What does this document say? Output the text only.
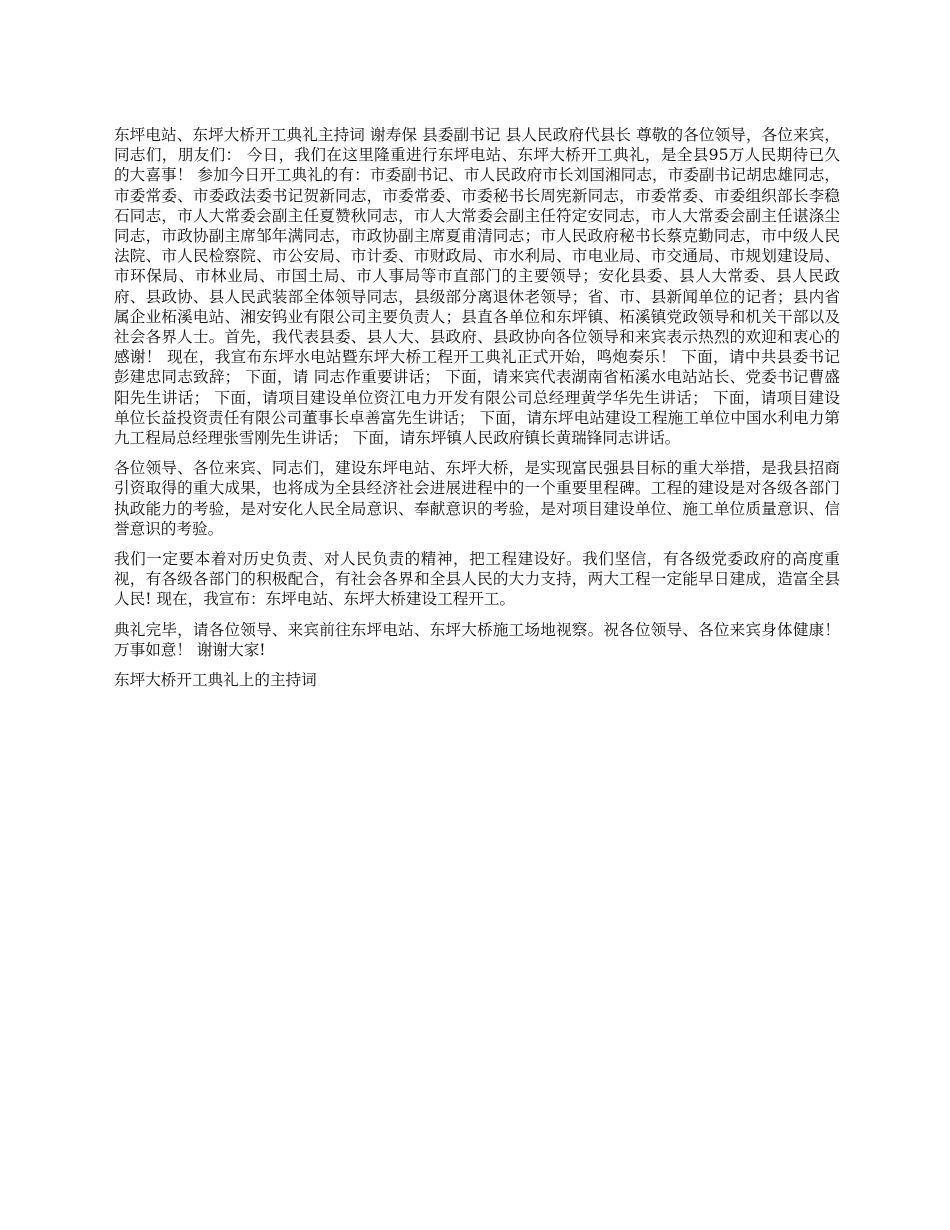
东坪电站、东坪大桥开工典礼主持词 谢寿保 县委副书记 县人民政府代县长 尊敬的各位领导，各位来宾，同志们，朋友们： 今日，我们在这里隆重进行东坪电站、东坪大桥开工典礼，是全县95万人民期待已久的大喜事！ 参加今日开工典礼的有：市委副书记、市人民政府市长刘国湘同志，市委副书记胡忠雄同志，市委常委、市委政法委书记贺新同志，市委常委、市委秘书长周宪新同志，市委常委、市委组织部长李稳石同志，市人大常委会副主任夏赞秋同志，市人大常委会副主任符定安同志，市人大常委会副主任谌涤尘同志，市政协副主席邹年满同志，市政协副主席夏甫清同志；市人民政府秘书长蔡克勤同志，市中级人民法院、市人民检察院、市公安局、市计委、市财政局、市水利局、市电业局、市交通局、市规划建设局、市环保局、市林业局、市国土局、市人事局等市直部门的主要领导；安化县委、县人大常委、县人民政府、县政协、县人民武装部全体领导同志，县级部分离退休老领导；省、市、县新闻单位的记者；县内省属企业柘溪电站、湘安钨业有限公司主要负责人；县直各单位和东坪镇、柘溪镇党政领导和机关干部以及社会各界人士。首先，我代表县委、县人大、县政府、县政协向各位领导和来宾表示热烈的欢迎和衷心的感谢！ 现在，我宣布东坪水电站暨东坪大桥工程开工典礼正式开始，鸣炮奏乐！ 下面，请中共县委书记彭建忠同志致辞； 下面，请 同志作重要讲话； 下面，请来宾代表湖南省柘溪水电站站长、党委书记曹盛阳先生讲话； 下面，请项目建设单位资江电力开发有限公司总经理黄学华先生讲话； 下面，请项目建设单位长益投资责任有限公司董事长卓善富先生讲话； 下面，请东坪电站建设工程施工单位中国水利电力第九工程局总经理张雪刚先生讲话； 下面，请东坪镇人民政府镇长黄瑞锋同志讲话。

各位领导、各位来宾、同志们，建设东坪电站、东坪大桥，是实现富民强县目标的重大举措，是我县招商引资取得的重大成果，也将成为全县经济社会进展进程中的一个重要里程碑。工程的建设是对各级各部门执政能力的考验，是对安化人民全局意识、奉献意识的考验，是对项目建设单位、施工单位质量意识、信誉意识的考验。

我们一定要本着对历史负责、对人民负责的精神，把工程建设好。我们坚信，有各级党委政府的高度重视，有各级各部门的积极配合，有社会各界和全县人民的大力支持，两大工程一定能早日建成，造富全县人民! 现在，我宣布：东坪电站、东坪大桥建设工程开工。

典礼完毕，请各位领导、来宾前往东坪电站、东坪大桥施工场地视察。祝各位领导、各位来宾身体健康！万事如意！ 谢谢大家!

东坪大桥开工典礼上的主持词
